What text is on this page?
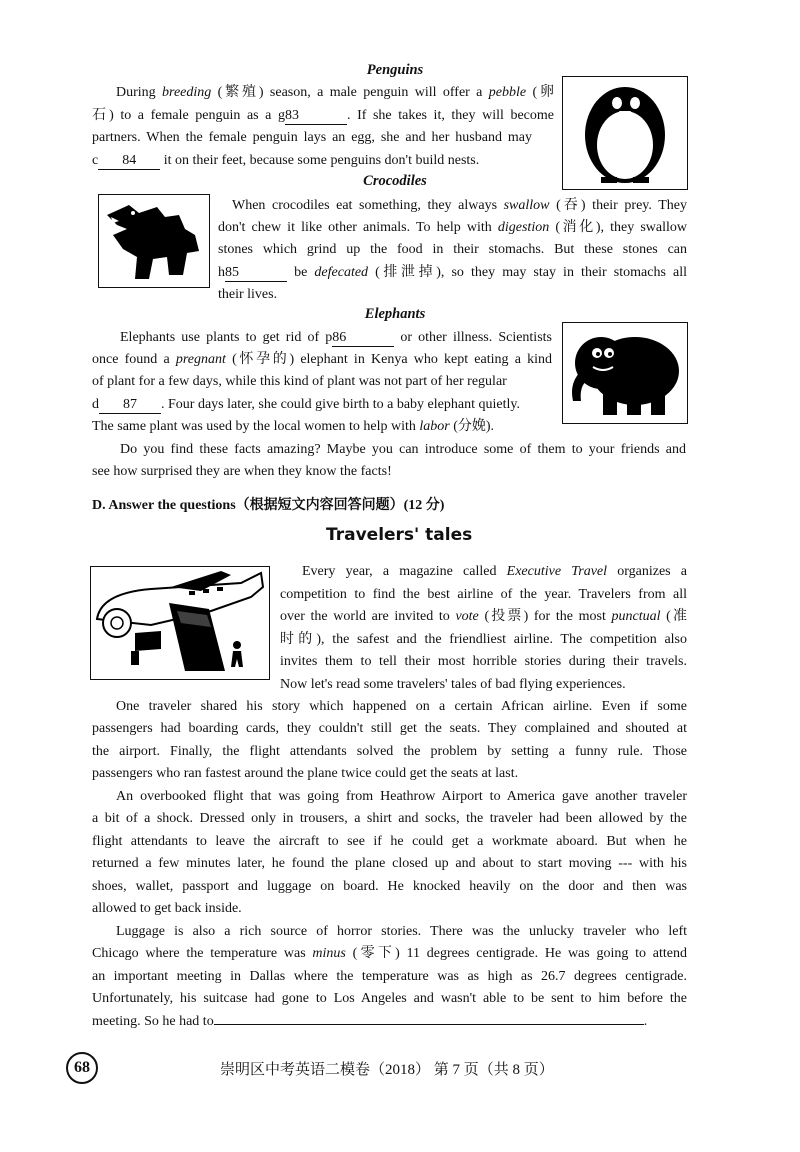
Penguins
During breeding (繁殖) season, a male penguin will offer a pebble (卵
石) to a female penguin as a g83	. If she takes it, they will become
partners. When the female penguin lays an egg, she and her husband may
c 84 it on their feet, because some penguins don't build nests.
Crocodiles
When crocodiles eat something, they always swallow (吞) their prey. They
don't chew it like other animals. To help with digestion (消化), they swallow
stones which grind up the food in their stomachs. But these stones can
h85	be defecated (排泄掉), so they may stay in their stomachs all
their lives.
Elephants
Elephants use plants to get rid of p86	or other illness. Scientists
once found a pregnant (怀孕的) elephant in Kenya who kept eating a kind
of plant for a few days, while this kind of plant was not part of her regular
d 87 . Four days later, she could give birth to a baby elephant quietly.
The same plant was used by the local women to help with labor (分娩).
Do you find these facts amazing? Maybe you can introduce some of them to your friends and
see how surprised they are when they know the facts!
D. Answer the questions（根据短文内容回答问题）(12 分)
Travelers' tales
Every year, a magazine called Executive Travel organizes a
competition to find the best airline of the year. Travelers from all
over the world are invited to vote (投票) for the most punctual (准
时的), the safest and the friendliest airline. The competition also
invites them to tell their most horrible stories during their travels.
Now let's read some travelers' tales of bad flying experiences.
One traveler shared his story which happened on a certain African airline. Even if some
passengers had boarding cards, they couldn't still get the seats. They complained and shouted at
the airport. Finally, the flight attendants solved the problem by setting a funny rule. Those
passengers who ran fastest around the plane twice could get the seats at last.
An overbooked flight that was going from Heathrow Airport to America gave another traveler
a bit of a shock. Dressed only in trousers, a shirt and socks, the traveler had been allowed by the
flight attendants to leave the aircraft to see if he could get a workmate aboard. But when he
returned a few minutes later, he found the plane closed up and about to start moving --- with his
shoes, wallet, passport and luggage on board. He knocked heavily on the door and then was
allowed to get back inside.
Luggage is also a rich source of horror stories. There was the unlucky traveler who left
Chicago where the temperature was minus (零下) 11 degrees centigrade. He was going to attend
an important meeting in Dallas where the temperature was as high as 26.7 degrees centigrade.
Unfortunately, his suitcase had gone to Los Angeles and wasn't able to be sent to him before the
meeting. So he had to	.
68	崇明区中考英语二模卷（2018） 第 7 页（共 8 页）
